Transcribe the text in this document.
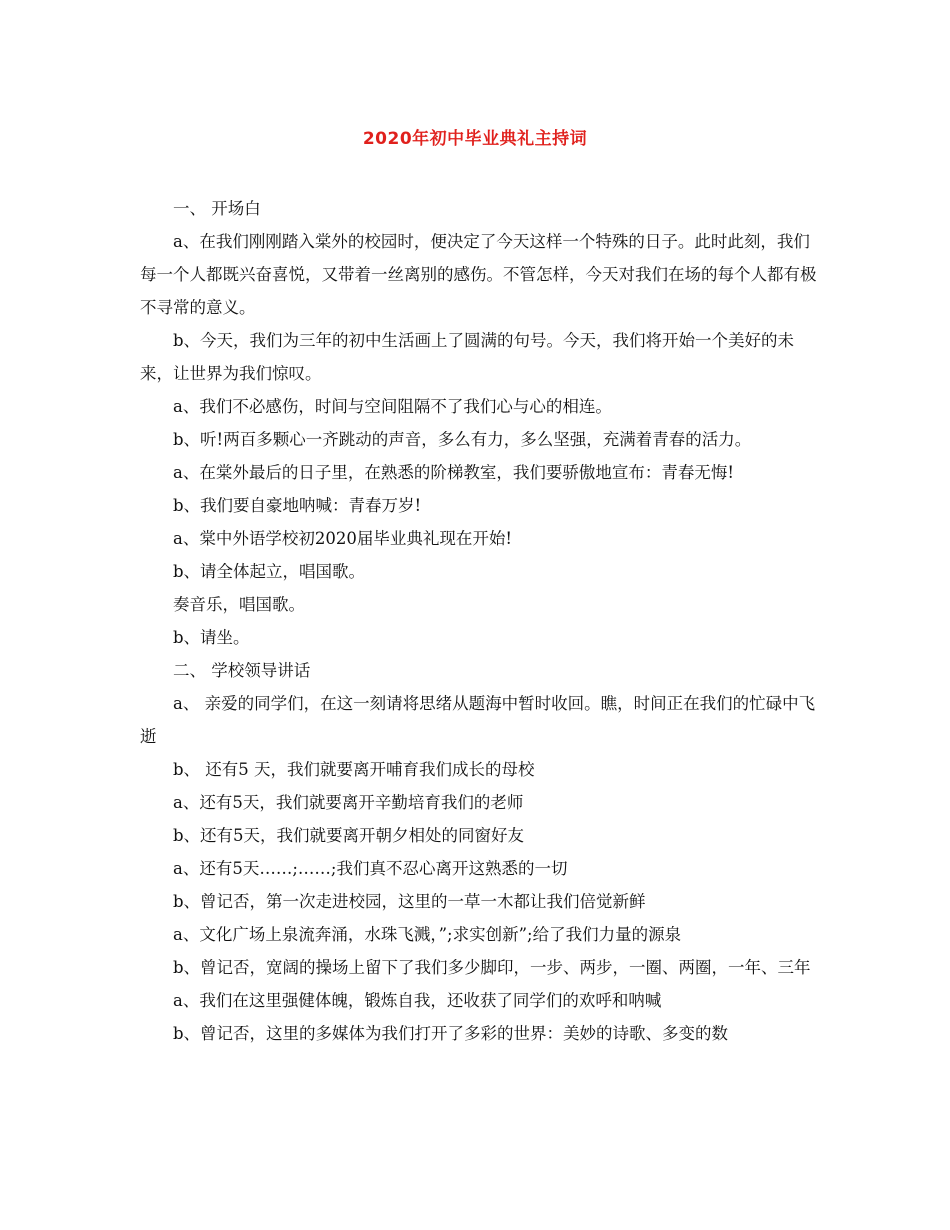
2020年初中毕业典礼主持词

一、 开场白

a、在我们刚刚踏入棠外的校园时，便决定了今天这样一个特殊的日子。此时此刻，我们每一个人都既兴奋喜悦，又带着一丝离别的感伤。不管怎样，今天对我们在场的每个人都有极不寻常的意义。

b、今天，我们为三年的初中生活画上了圆满的句号。今天，我们将开始一个美好的未来，让世界为我们惊叹。

a、我们不必感伤，时间与空间阻隔不了我们心与心的相连。

b、听!两百多颗心一齐跳动的声音，多么有力，多么坚强，充满着青春的活力。

a、在棠外最后的日子里，在熟悉的阶梯教室，我们要骄傲地宣布：青春无悔!

b、我们要自豪地呐喊：青春万岁!

a、棠中外语学校初2020届毕业典礼现在开始!

b、请全体起立，唱国歌。

奏音乐，唱国歌。

b、请坐。

二、 学校领导讲话

a、 亲爱的同学们，在这一刻请将思绪从题海中暂时收回。瞧，时间正在我们的忙碌中飞逝

b、 还有5 天，我们就要离开哺育我们成长的母校

a、还有5天，我们就要离开辛勤培育我们的老师

b、还有5天，我们就要离开朝夕相处的同窗好友

a、还有5天……;……;我们真不忍心离开这熟悉的一切

b、曾记否，第一次走进校园，这里的一草一木都让我们倍觉新鲜

a、文化广场上泉流奔涌，水珠飞溅，”;求实创新”;给了我们力量的源泉

b、曾记否，宽阔的操场上留下了我们多少脚印，一步、两步，一圈、两圈，一年、三年

a、我们在这里强健体魄，锻炼自我，还收获了同学们的欢呼和呐喊

b、曾记否，这里的多媒体为我们打开了多彩的世界：美妙的诗歌、多变的数
